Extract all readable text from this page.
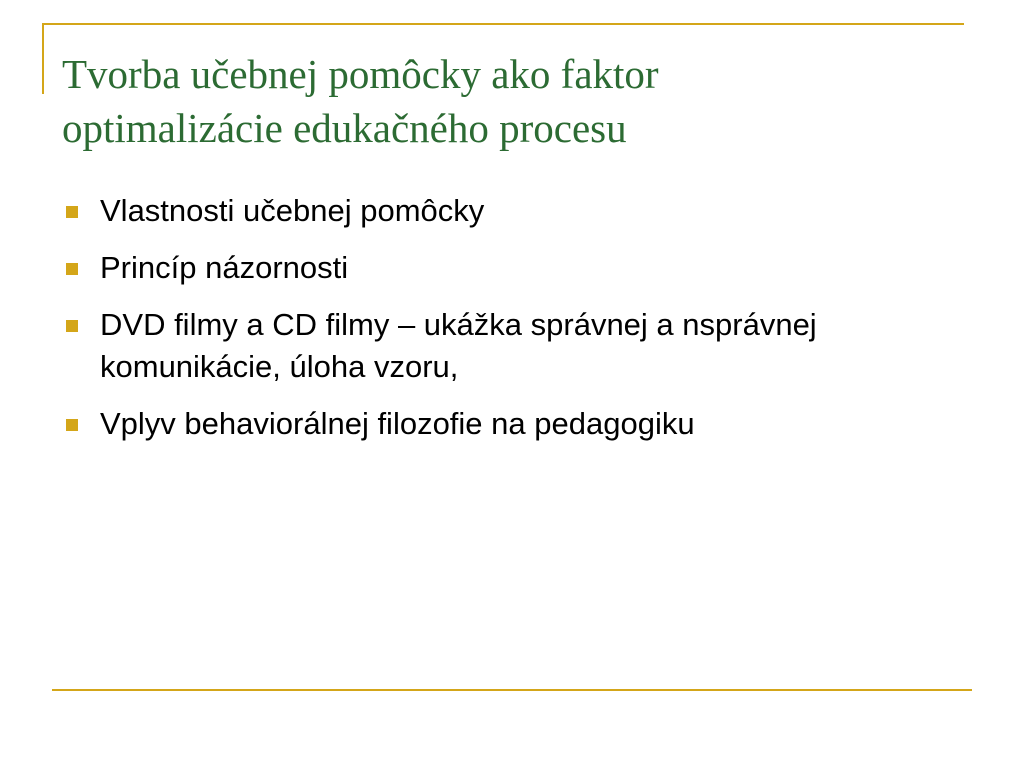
Tvorba učebnej pomôcky ako faktor
optimalizácie edukačného procesu
Vlastnosti učebnej pomôcky
Princíp názornosti
DVD filmy a CD filmy – ukážka správnej a nsprávnej komunikácie, úloha vzoru,
Vplyv behaviorálnej filozofie na pedagogiku
